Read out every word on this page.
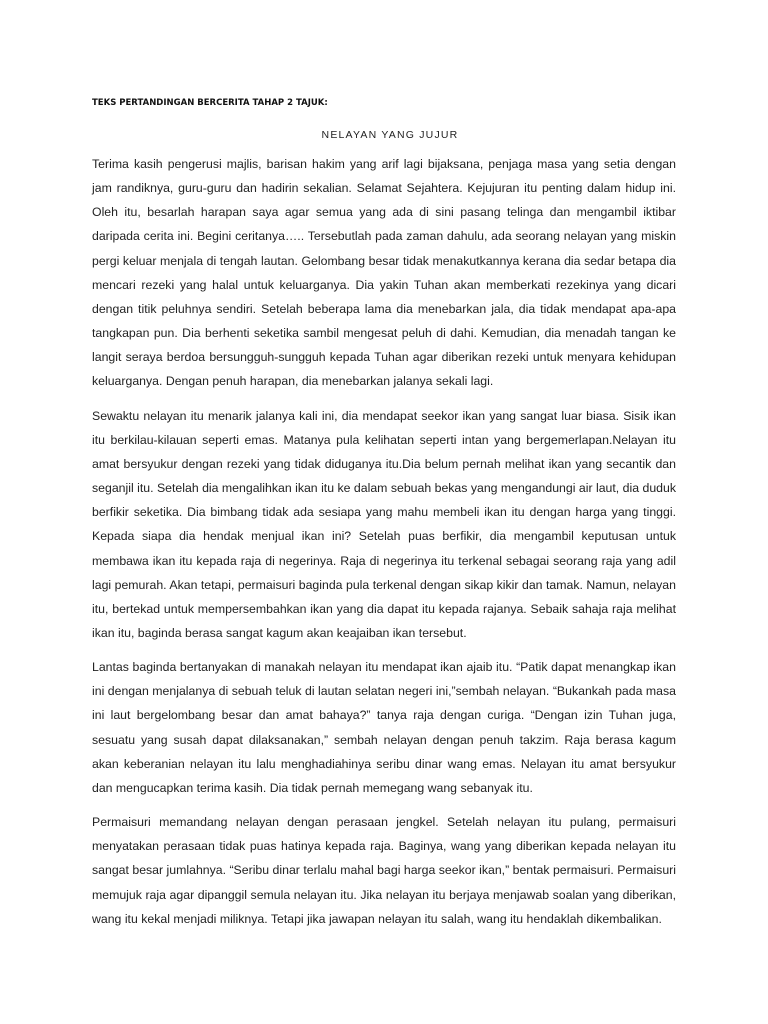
TEKS PERTANDINGAN BERCERITA TAHAP 2 TAJUK:

NELAYAN YANG JUJUR

Terima kasih pengerusi majlis, barisan hakim yang arif lagi bijaksana, penjaga masa yang setia dengan jam randiknya, guru-guru dan hadirin sekalian. Selamat Sejahtera. Kejujuran itu penting dalam hidup ini. Oleh itu, besarlah harapan saya agar semua yang ada di sini pasang telinga dan mengambil iktibar daripada cerita ini. Begini ceritanya….. Tersebutlah pada zaman dahulu, ada seorang nelayan yang miskin pergi keluar menjala di tengah lautan. Gelombang besar tidak menakutkannya kerana dia sedar betapa dia mencari rezeki yang halal untuk keluarganya. Dia yakin Tuhan akan memberkati rezekinya yang dicari dengan titik peluhnya sendiri. Setelah beberapa lama dia menebarkan jala, dia tidak mendapat apa-apa tangkapan pun. Dia berhenti seketika sambil mengesat peluh di dahi. Kemudian, dia menadah tangan ke langit seraya berdoa bersungguh-sungguh kepada Tuhan agar diberikan rezeki untuk menyara kehidupan keluarganya. Dengan penuh harapan, dia menebarkan jalanya sekali lagi.

Sewaktu nelayan itu menarik jalanya kali ini, dia mendapat seekor ikan yang sangat luar biasa. Sisik ikan itu berkilau-kilauan seperti emas. Matanya pula kelihatan seperti intan yang bergemerlapan.Nelayan itu amat bersyukur dengan rezeki yang tidak diduganya itu.Dia belum pernah melihat ikan yang secantik dan seganjil itu. Setelah dia mengalihkan ikan itu ke dalam sebuah bekas yang mengandungi air laut, dia duduk berfikir seketika. Dia bimbang tidak ada sesiapa yang mahu membeli ikan itu dengan harga yang tinggi. Kepada siapa dia hendak menjual ikan ini? Setelah puas berfikir, dia mengambil keputusan untuk membawa ikan itu kepada raja di negerinya. Raja di negerinya itu terkenal sebagai seorang raja yang adil lagi pemurah. Akan tetapi, permaisuri baginda pula terkenal dengan sikap kikir dan tamak. Namun, nelayan itu, bertekad untuk mempersembahkan ikan yang dia dapat itu kepada rajanya. Sebaik sahaja raja melihat ikan itu, baginda berasa sangat kagum akan keajaiban ikan tersebut.

Lantas baginda bertanyakan di manakah nelayan itu mendapat ikan ajaib itu. “Patik dapat menangkap ikan ini dengan menjalanya di sebuah teluk di lautan selatan negeri ini,”sembah nelayan. “Bukankah pada masa ini laut bergelombang besar dan amat bahaya?” tanya raja dengan curiga. “Dengan izin Tuhan juga, sesuatu yang susah dapat dilaksanakan,” sembah nelayan dengan penuh takzim. Raja berasa kagum akan keberanian nelayan itu lalu menghadiahinya seribu dinar wang emas. Nelayan itu amat bersyukur dan mengucapkan terima kasih. Dia tidak pernah memegang wang sebanyak itu.

Permaisuri memandang nelayan dengan perasaan jengkel. Setelah nelayan itu pulang, permaisuri menyatakan perasaan tidak puas hatinya kepada raja. Baginya, wang yang diberikan kepada nelayan itu sangat besar jumlahnya. “Seribu dinar terlalu mahal bagi harga seekor ikan,” bentak permaisuri. Permaisuri memujuk raja agar dipanggil semula nelayan itu. Jika nelayan itu berjaya menjawab soalan yang diberikan, wang itu kekal menjadi miliknya. Tetapi jika jawapan nelayan itu salah, wang itu hendaklah dikembalikan.
